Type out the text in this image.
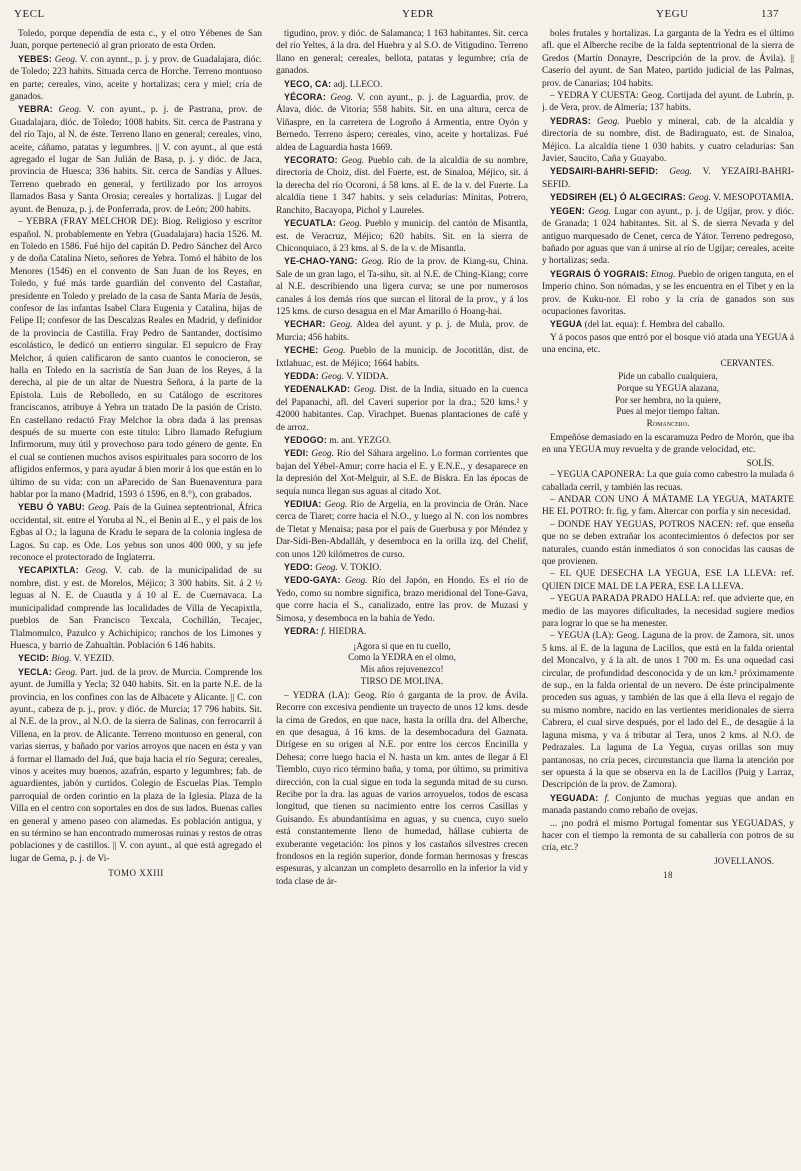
YECL	YEDR	YEGU	137

Toledo, porque dependía de esta c., y el otro Yébenes de San Juan, porque perteneció al gran priorato de esta Orden.

YEBES: Geog. V. con aynnt., p. j. y prov. de Guadalajara, dióc. de Toledo; 223 habits. Situada cerca de Horche. Terreno montuoso en parte; cereales, vino, aceite y hortalizas; cera y miel; cría de ganados.

YEBRA: Geog. V. con ayunt., p. j. de Pastrana, prov. de Guadalajara, dióc. de Toledo; 1008 habits. Sit. cerca de Pastrana y del río Tajo, al N. de éste. Terreno llano en general; cereales, vino, aceite, cáñamo, patatas y legumbres. || V. con ayunt., al que está agregado el lugar de San Julián de Basa, p. j. y dióc. de Jaca, provincia de Huesca; 336 habits. Sit. cerca de Sandías y Allues. Terreno quebrado en general, y fertilizado por los arroyos llamados Basa y Santa Orosia; cereales y hortalizas. || Lugar del ayunt. de Benuza, p. j. de Ponferrada, prov. de León; 200 habits.

– YEBRA (FRAY MELCHOR DE): Biog. Religioso y escritor español. N. probablemente en Yebra (Guadalajara) hacia 1526. M. en Toledo en 1586. Fué hijo del capitán D. Pedro Sánchez del Arco y de doña Catalina Nieto, señores de Yebra. Tomó el hábito de los Menores (1546) en el convento de San Juan de los Reyes, en Toledo, y fué más tarde guardián del convento del Castañar, presidente en Toledo y prelado de la casa de Santa María de Jesús, confesor de las infantas Isabel Clara Eugenia y Catalina, hijas de Felipe II; confesor de las Descalzas Reales en Madrid, y definidor de la provincia de Castilla. Fray Pedro de Santander, doctísimo escolástico, le dedicó un entierro singular. El sepulcro de Fray Melchor, á quien calificaron de santo cuantos le conocieron, se halla en Toledo en la sacristía de San Juan de los Reyes, á la derecha, al pie de un altar de Nuestra Señora, á la parte de la Epístola. Luis de Rebolledo, en su Catálogo de escritores franciscanos, atribuye á Yebra un tratado De la pasión de Cristo. En castellano redactó Fray Melchor la obra dada á las prensas después de su muerte con este título: Libro llamado Refugium Infirmorum, muy útil y provechoso para todo género de gente. En el cual se contienen muchos avisos espirituales para socorro de los afligidos enfermos, y para ayudar á bien morir á los que están en lo último de su vida: con un aParecido de San Buenaventura para hablar por la mano (Madrid, 1593 ó 1596, en 8.°), con grabados.

YEBU Ó YABU: Geog. País de la Guinea septentrional, África occidental, sit. entre el Yoruba al N., el Benin al E., y el país de los Egbas al O.; la laguna de Kradu le separa de la colonia inglesa de Lagos. Su cap. es Ode. Los yebus son unos 400 000, y su jefe reconoce el protectorado de Inglaterra.

YECAPIXTLA: Geog. V. cab. de la municipalidad de su nombre, dist. y est. de Morelos, Méjico; 3 300 habits. Sit. á 2 ½ leguas al N. E. de Cuautla y á 10 al E. de Cuernavaca. La municipalidad comprende las localidades de Villa de Yecapixtla, pueblos de San Francisco Texcala, Cochillán, Tecajec, Tlalmomulco, Pazulco y Achichipico; ranchos de los Limones y Huesca, y barrio de Zahualtán. Población 6 146 habits.

YECID: Biog. V. YEZID.

YECLA: Geog. Part. jud. de la prov. de Murcia. Comprende los ayunt. de Jumilla y Yecla; 32 040 habits. Sit. en la parte N.E. de la provincia, en los confines con las de Albacete y Alicante. || C. con ayunt., cabeza de p. j., prov. y dióc. de Murcia; 17 796 habits. Sit. al N.E. de la prov., al N.O. de la sierra de Salinas, con ferrocarril á Villena, en la prov. de Alicante. Terreno montuoso en general, con varias sierras, y bañado por varios arroyos que nacen en ésta y van á formar el llamado del Juá, que baja hacia el río Segura; cereales, vinos y aceites muy buenos, azafrán, esparto y legumbres; fab. de aguardientes, jabón y curtidos. Colegio de Escuelas Pías. Templo parroquial de orden corintio en la plaza de la Iglesia. Plaza de la Villa en el centro con soportales en dos de sus lados. Buenas calles en general y ameno paseo con alamedas. Es población antigua, y en su término se han encontrado numerosas ruinas y restos de otras poblaciones y de castillos. || V. con ayunt., al que está agregado el lugar de Gema, p. j. de Vi-

TOMO XXIII

tigudino, prov. y dióc. de Salamanca; 1 163 habitantes. Sit. cerca del río Yeltes, á la dra. del Huebra y al S.O. de Vitigudino. Terreno llano en general; cereales, bellota, patatas y legumbre; cría de ganados.

YECO, CA: adj. LLECO.

YÉCORA: Geog. V. con ayunt., p. j. de Laguardia, prov. de Álava, dióc. de Vitoria; 558 habits. Sit. en una altura, cerca de Viñaspre, en la carretera de Logroño á Armentia, entre Oyón y Bernedo. Terreno áspero; cereales, vino, aceite y hortalizas. Fué aldea de Laguardia hasta 1669.

YECORATO: Geog. Pueblo cab. de la alcaldía de su nombre, directoría de Choiz, dist. del Fuerte, est. de Sinaloa, Méjico, sit. á la derecha del río Ocoroni, á 58 kms. al E. de la v. del Fuerte. La alcaldía tiene 1 347 habits. y seis celadurías: Minitas, Potrero, Ranchito, Bacayopa, Pichol y Laureles.

YECUATLA: Geog. Pueblo y municip. del cantón de Misantla, est. de Veracruz, Méjico; 620 habits. Sit. en la sierra de Chiconquiaco, á 23 kms. al S. de la v. de Misantla.

YE-CHAO-YANG: Geog. Río de la prov. de Kiang-su, China. Sale de un gran lago, el Ta-sihu, sit. al N.E. de Ching-Kiang; corre al N.E. describiendo una ligera curva; se une por numerosos canales á los demás ríos que surcan el litoral de la prov., y á los 125 kms. de curso desagua en el Mar Amarillo ó Hoang-hai.

YECHAR: Geog. Aldea del ayunt. y p. j. de Mula, prov. de Murcia; 456 habits.

YECHE: Geog. Pueblo de la municip. de Jocotitlán, dist. de Ixtlahuac, est. de Méjico; 1664 habits.

YEDDA: Geog. V. YIDDA.

YEDENALKAD: Geog. Dist. de la India, situado en la cuenca del Papanachi, afl. del Caveri superior por la dra.; 520 kms.² y 42000 habitantes. Cap. Virachpet. Buenas plantaciones de café y de arroz.

YEDOGO: m. ant. YEZGO.

YEDI: Geog. Río del Sáhara argelino. Lo forman corrientes que bajan del Yébel-Amur; corre hacia el E. y E.N.E., y desaparece en la depresión del Xot-Melguir, al S.E. de Biskra. En las épocas de sequía nunca llegan sus aguas al citado Xot.

YEDIUA: Geog. Río de Argelia, en la provincia de Orán. Nace cerca de Tiaret; corre hacia el N.O., y luego al N. con los nombres de Tletat y Menaisa; pasa por el país de Guerbusa y por Méndez y Dar-Sidi-Ben-Abdalláh, y desemboca en la orilla izq. del Chelif, con unos 120 kilómetros de curso.

YEDO: Geog. V. TOKIO.

YEDO-GAYA: Geog. Río del Japón, en Hondo. Es el río de Yedo, como su nombre significa, brazo meridional del Tone-Gava, que corre hacia el S., canalizado, entre las prov. de Muzasi y Simosa, y desemboca en la bahía de Yedo.

YEDRA: f. HIEDRA.

¡Agora si que en tu cuello,
Como la YEDRA en el olmo,
Mis años rejuvenezco!
TIRSO DE MOLINA.

– YEDRA (LA): Geog. Río ó garganta de la prov. de Ávila. Recorre con excesiva pendiente un trayecto de unos 12 kms. desde la cima de Gredos, en que nace, hasta la orilla dra. del Alberche, en que desagua, á 16 kms. de la desembocadura del Gaznata. Dirígese en su origen al N.E. por entre los cercos Encinilla y Dehesa; corre luego hacia el N. hasta un km. antes de llegar á El Tiemblo, cuyo rico término baña, y toma, por último, su primitiva dirección, con la cual sigue en toda la segunda mitad de su curso. Recibe por la dra. las aguas de varios arroyuelos, todos de escasa longitud, que tienen su nacimiento entre los cerros Casillas y Guisando. Es abundantísima en aguas, y su cuenca, cuyo suelo está constantemente lleno de humedad, hállase cubierta de exuberante vegetación: los pinos y los castaños silvestres crecen frondosos en la región superior, donde forman hermosas y frescas espesuras, y alcanzan un completo desarrollo en la inferior la vid y toda clase de ár-

boles frutales y hortalizas. La garganta de la Yedra es el último afl. que el Alberche recibe de la falda septentrional de la sierra de Gredos (Martín Donayre, Descripción de la prov. de Ávila). || Caserío del ayunt. de San Mateo, partido judicial de las Palmas, prov. de Canarias; 104 habits.

– YEDRA Y CUESTA: Geog. Cortijada del ayunt. de Lubrín, p. j. de Vera, prov. de Almería; 137 habits.

YEDRAS: Geog. Pueblo y mineral, cab. de la alcaldía y directoría de su nombre, dist. de Badiraguato, est. de Sinaloa, Méjico. La alcaldía tiene 1 030 habits. y cuatro celadurías: San Javier, Saucito, Caña y Guayabo.

YEDSAIRI-BAHRI-SEFID: Geog. V. YEZAIRI-BAHRI-SEFID.

YEDSIREH (EL) Ó ALGECIRAS: Geog. V. MESOPOTAMIA.

YEGEN: Geog. Lugar con ayunt., p. j. de Ugíjar, prov. y dióc. de Granada; 1 024 habitantes. Sit. al S. de sierra Nevada y del antiguo marquesado de Cenet, cerca de Yátor. Terreno pedregoso, bañado por aguas que van á unirse al río de Ugíjar; cereales, aceite y hortalizas; seda.

YEGRAIS Ó YOGRAIS: Etnog. Pueblo de origen tanguta, en el Imperio chino. Son nómadas, y se les encuentra en el Tibet y en la prov. de Kuku-nor. El robo y la cría de ganados son sus ocupaciones favoritas.

YEGUA (del lat. equa): f. Hembra del caballo.

Y á pocos pasos que entró por el bosque vió atada una YEGUA á una encina, etc.

CERVANTES.
Pide un caballo cualquiera,
Porque su YEGUA alazana,
Por ser hembra, no la quiere,
Pues al mejor tiempo faltan.
Romancero.

Empeñóse demasiado en la escaramuza Pedro de Morón, que iba en una YEGUA muy revuelta y de grande velocidad, etc.

SOLÍS.

– YEGUA CAPONERA: La que guía como cabestro la mulada ó caballada cerril, y también las recuas.

– ANDAR CON UNO Á MÁTAME LA YEGUA, MATARTE HE EL POTRO: fr. fig. y fam. Altercar con porfía y sin necesidad.

– DONDE HAY YEGUAS, POTROS NACEN: ref. que enseña que no se deben extrañar los acontecimientos ó defectos por ser naturales, cuando están inmediatos ó son conocidas las causas de que provienen.

– EL QUE DESECHA LA YEGUA, ESE LA LLEVA: ref. QUIEN DICE MAL DE LA PERA, ESE LA LLEVA.

– YEGUA PARADA PRADO HALLA: ref. que advierte que, en medio de las mayores dificultades, la necesidad sugiere medios para lograr lo que se ha menester.

– YEGUA (LA): Geog. Laguna de la prov. de Zamora, sit. unos 5 kms. al E. de la laguna de Lacillos, que está en la falda oriental del Moncalvo, y á la alt. de unos 1 700 m. Es una oquedad casi circular, de profundidad desconocida y de un km.² próximamente de sup., en la falda oriental de un nevero. De éste principalmente proceden sus aguas, y también de las que á ella lleva el regajo de su mismo nombre, nacido en las vertientes meridionales de sierra Cabrera, el cual sirve después, por el lado del E., de desagüe á la laguna misma, y va á tributar al Tera, unos 2 kms. al N.O. de Pedrazales. La laguna de La Yegua, cuyas orillas son muy pantanosas, no cría peces, circunstancia que llama la atención por ser opuesta á la que se observa en la de Lacillos (Puig y Larraz, Descripción de la prov. de Zamora).

YEGUADA: f. Conjunto de muchas yeguas que andan en manada pastando como rebaño de ovejas.

... ¡no podrá el mismo Portugal fomentar sus YEGUADAS, y hacer con el tiempo la remonta de su caballería con potros de su cría, etc.?

JOVELLANOS.
18
